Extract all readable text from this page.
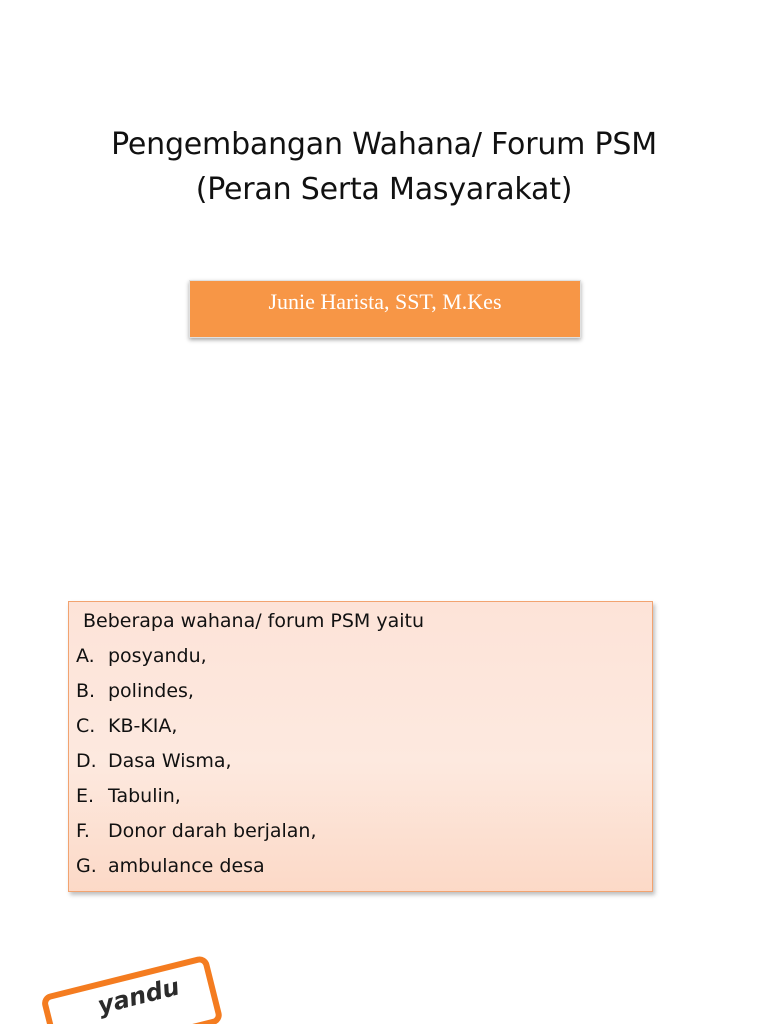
Pengembangan Wahana/ Forum PSM
(Peran Serta Masyarakat)
Junie Harista, SST, M.Kes
Beberapa wahana/ forum PSM yaitu
A. posyandu,
B. polindes,
C. KB-KIA,
D. Dasa Wisma,
E. Tabulin,
F. Donor darah berjalan,
G. ambulance desa
yandu
